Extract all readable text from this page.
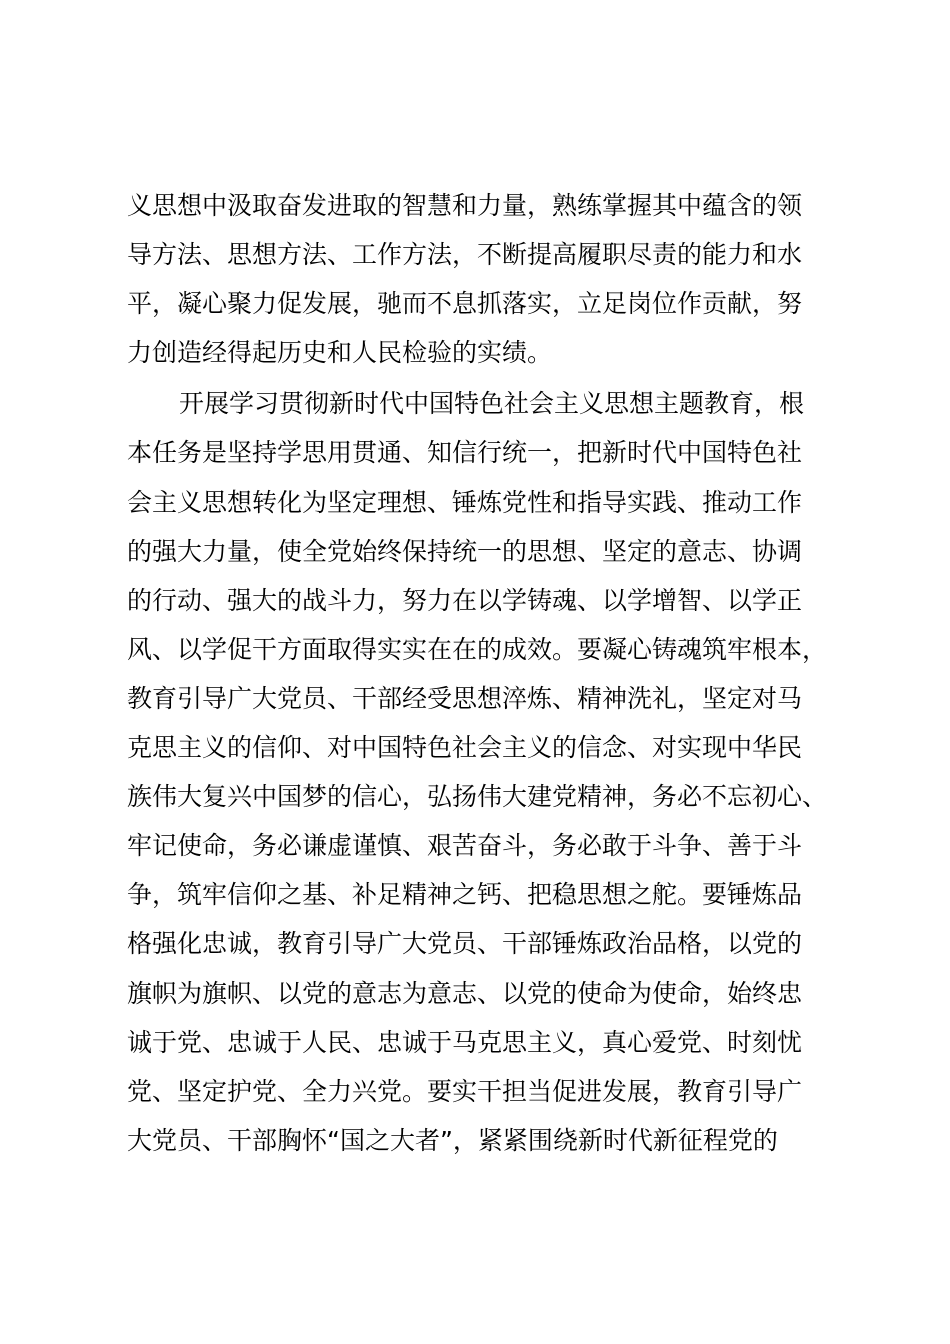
义思想中汲取奋发进取的智慧和力量，熟练掌握其中蕴含的领
导方法、思想方法、工作方法，不断提高履职尽责的能力和水
平，凝心聚力促发展，驰而不息抓落实，立足岗位作贡献，努
力创造经得起历史和人民检验的实绩。
开展学习贯彻新时代中国特色社会主义思想主题教育，根
本任务是坚持学思用贯通、知信行统一，把新时代中国特色社
会主义思想转化为坚定理想、锤炼党性和指导实践、推动工作
的强大力量，使全党始终保持统一的思想、坚定的意志、协调
的行动、强大的战斗力，努力在以学铸魂、以学增智、以学正
风、以学促干方面取得实实在在的成效。要凝心铸魂筑牢根本，
教育引导广大党员、干部经受思想淬炼、精神洗礼，坚定对马
克思主义的信仰、对中国特色社会主义的信念、对实现中华民
族伟大复兴中国梦的信心，弘扬伟大建党精神，务必不忘初心、
牢记使命，务必谦虚谨慎、艰苦奋斗，务必敢于斗争、善于斗
争，筑牢信仰之基、补足精神之钙、把稳思想之舵。要锤炼品
格强化忠诚，教育引导广大党员、干部锤炼政治品格，以党的
旗帜为旗帜、以党的意志为意志、以党的使命为使命，始终忠
诚于党、忠诚于人民、忠诚于马克思主义，真心爱党、时刻忧
党、坚定护党、全力兴党。要实干担当促进发展，教育引导广
大党员、干部胸怀“国之大者”，紧紧围绕新时代新征程党的
